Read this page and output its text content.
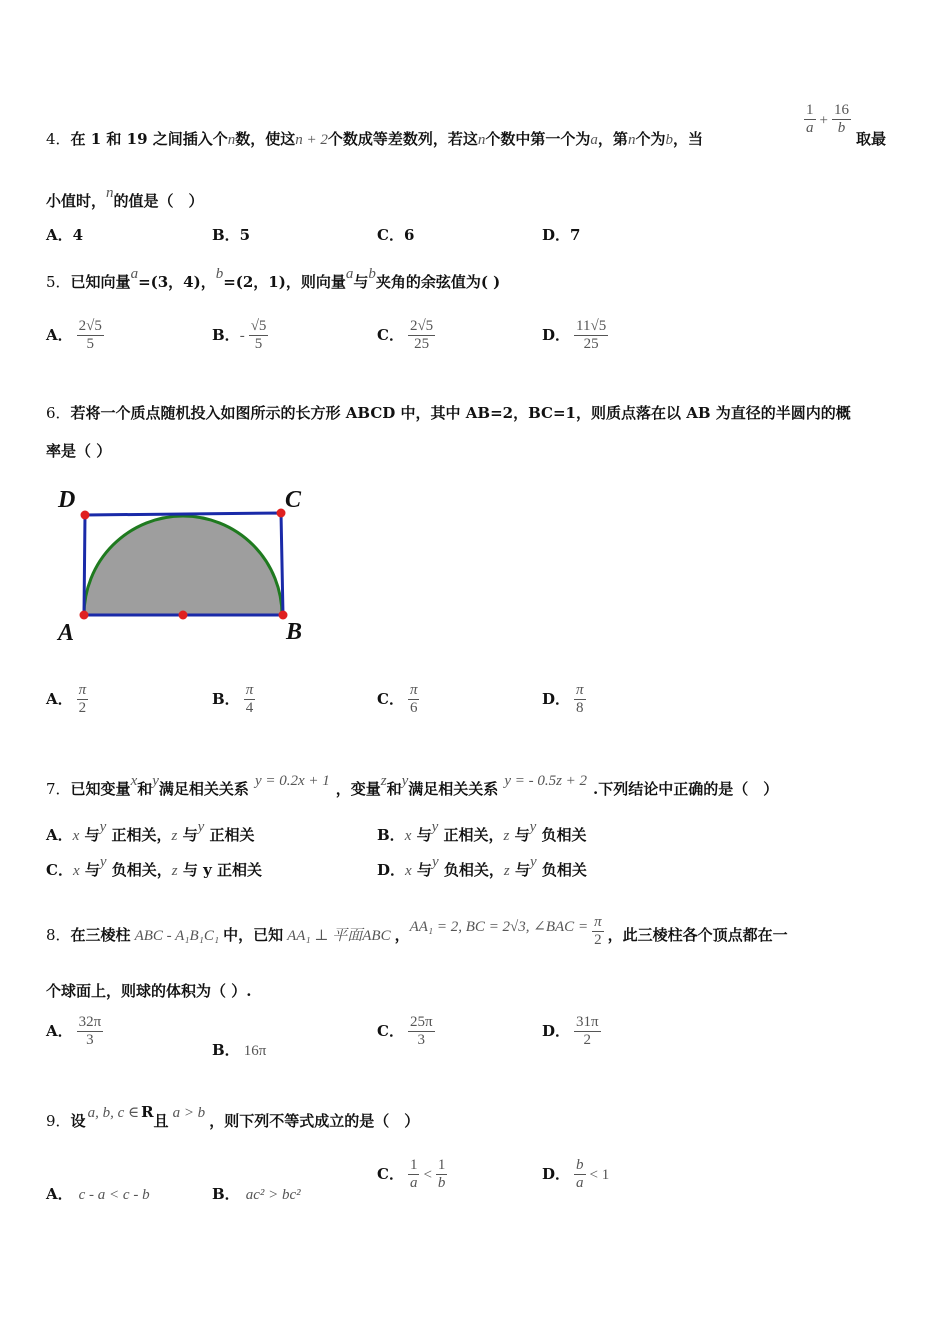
4．在 1 和 19 之间插入个n数，使这n + 2个数成等差数列，若这n个数中第一个为a，第n个为b，当
$\frac{1}{a} + \frac{16}{b}$
取最
小值时，n的值是（　）
A．4	B．5	C．6	D．7
5．已知向量a=(3，4)，b=(2，1)，则向量a与b夹角的余弦值为( )
A． $\frac{2√5}{5}$	B．- $\frac{√5}{5}$	C． $\frac{2√5}{25}$	D． $\frac{11√5}{25}$
6．若将一个质点随机投入如图所示的长方形 ABCD 中，其中 AB=2，BC=1，则质点落在以 AB 为直径的半圆内的概
率是（ ）
D	C
A	B
A． $\frac{\pi}{2}$	B． $\frac{\pi}{4}$	C． $\frac{\pi}{6}$	D． $\frac{\pi}{8}$
7．已知变量x和y满足相关关系 y = 0.2x + 1 ，变量z和y满足相关关系 y = - 0.5z + 2 .下列结论中正确的是（　）
A．x 与y 正相关，z 与y 正相关	B．x 与y 正相关，z 与y 负相关
C．x 与y 负相关，z 与 y 正相关	D．x 与y 负相关，z 与y 负相关
8．在三棱柱 ABC - A₁B₁C₁ 中，已知 AA₁ ⊥ 平面ABC ，AA₁ = 2, BC = 2√3, ∠BAC = $\frac{\pi}{2}$ ，此三棱柱各个顶点都在一
个球面上，则球的体积为（ ）.
A． $\frac{32\pi}{3}$
B． 16π
C． $\frac{25\pi}{3}$	D． $\frac{31\pi}{2}$
9．设 a, b, c ∈ R且 a > b ，则下列不等式成立的是（　）
A． c - a < c - b	B． ac² > bc²
C． $\frac{1}{a} < \frac{1}{b}$	D． $\frac{b}{a} < 1$
